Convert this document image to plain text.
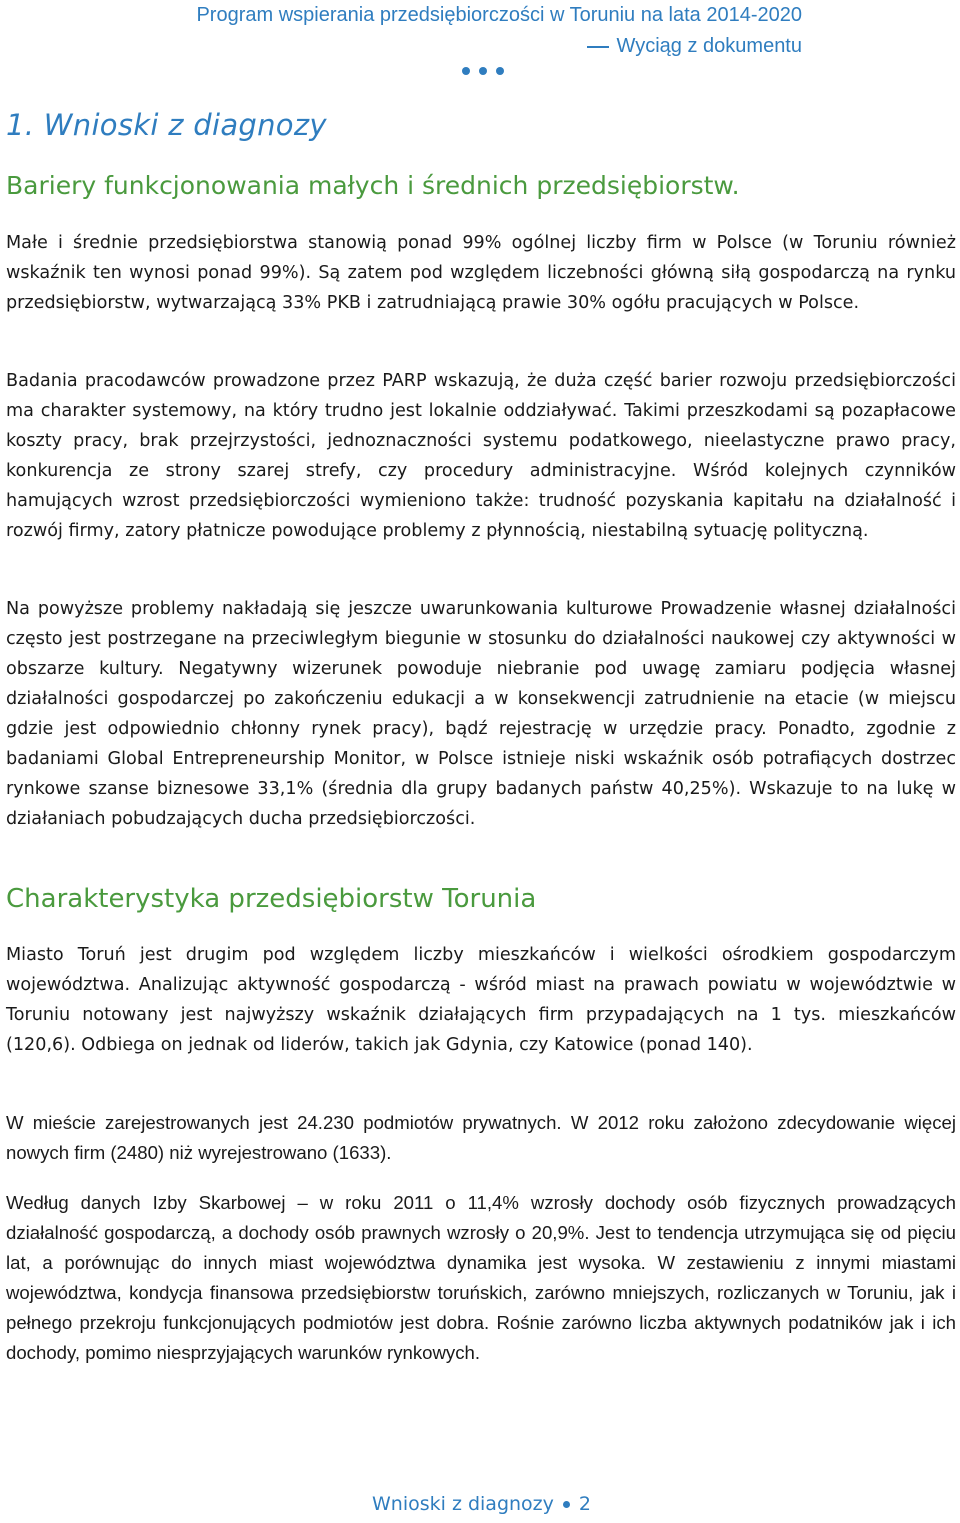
Program wspierania przedsiębiorczości w Toruniu na lata 2014-2020
Wyciąg z dokumentu
1. Wnioski z diagnozy
Bariery funkcjonowania małych i średnich przedsiębiorstw.

Małe i średnie przedsiębiorstwa stanowią ponad 99% ogólnej liczby firm w Polsce (w Toruniu również wskaźnik ten wynosi ponad 99%). Są zatem pod względem liczebności główną siłą gospodarczą na rynku przedsiębiorstw, wytwarzającą 33% PKB i zatrudniającą prawie 30% ogółu pracujących w Polsce.

Badania pracodawców prowadzone przez PARP wskazują, że duża część barier rozwoju przedsiębiorczości ma charakter systemowy, na który trudno jest lokalnie oddziaływać. Takimi przeszkodami są pozapłacowe koszty pracy, brak przejrzystości, jednoznaczności systemu podatkowego, nieelastyczne prawo pracy, konkurencja ze strony szarej strefy, czy procedury administracyjne. Wśród kolejnych czynników hamujących wzrost przedsiębiorczości wymieniono także: trudność pozyskania kapitału na działalność i rozwój firmy, zatory płatnicze powodujące problemy z płynnością, niestabilną sytuację polityczną.

Na powyższe problemy nakładają się jeszcze uwarunkowania kulturowe Prowadzenie własnej działalności często jest postrzegane na przeciwległym biegunie w stosunku do działalności naukowej czy aktywności w obszarze kultury. Negatywny wizerunek powoduje niebranie pod uwagę zamiaru podjęcia własnej działalności gospodarczej po zakończeniu edukacji a w konsekwencji zatrudnienie na etacie (w miejscu gdzie jest odpowiednio chłonny rynek pracy), bądź rejestrację w urzędzie pracy. Ponadto, zgodnie z badaniami Global Entrepreneurship Monitor, w Polsce istnieje niski wskaźnik osób potrafiących dostrzec rynkowe szanse biznesowe 33,1% (średnia dla grupy badanych państw 40,25%). Wskazuje to na lukę w działaniach pobudzających ducha przedsiębiorczości.

Charakterystyka przedsiębiorstw Torunia

Miasto Toruń jest drugim pod względem liczby mieszkańców i wielkości ośrodkiem gospodarczym województwa. Analizując aktywność gospodarczą - wśród miast na prawach powiatu w województwie w Toruniu notowany jest najwyższy wskaźnik działających firm przypadających na 1 tys. mieszkańców (120,6). Odbiega on jednak od liderów, takich jak Gdynia, czy Katowice (ponad 140).

W mieście zarejestrowanych jest 24.230 podmiotów prywatnych. W 2012 roku założono zdecydowanie więcej nowych firm (2480) niż wyrejestrowano (1633).

Według danych Izby Skarbowej – w roku 2011 o 11,4% wzrosły dochody osób fizycznych prowadzących działalność gospodarczą, a dochody osób prawnych wzrosły o 20,9%. Jest to tendencja utrzymująca się od pięciu lat, a porównując do innych miast województwa dynamika jest wysoka. W zestawieniu z innymi miastami województwa, kondycja finansowa przedsiębiorstw toruńskich, zarówno mniejszych, rozliczanych w Toruniu, jak i pełnego przekroju funkcjonujących podmiotów jest dobra. Rośnie zarówno liczba aktywnych podatników jak i ich dochody, pomimo niesprzyjających warunków rynkowych.

Wnioski z diagnozy 2
